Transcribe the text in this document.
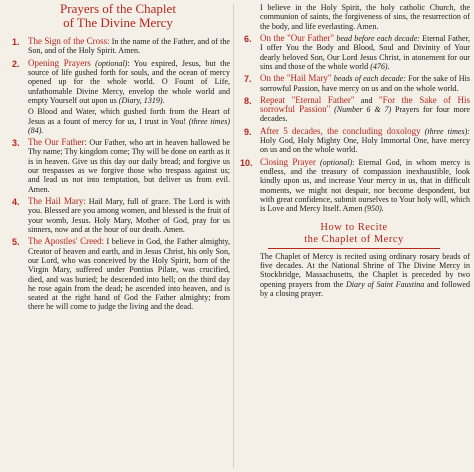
Prayers of the Chaplet
of The Divine Mercy
1. The Sign of the Cross: In the name of the Father, and of the Son, and of the Holy Spirit. Amen.

2. Opening Prayers (optional): You expired, Jesus, but the source of life gushed forth for souls, and the ocean of mercy opened up for the whole world. O Fount of Life, unfathomable Divine Mercy, envelop the whole world and empty Yourself out upon us (Diary, 1319).

O Blood and Water, which gushed forth from the Heart of Jesus as a fount of mercy for us, I trust in You! (three times) (84).

3. The Our Father: Our Father, who art in heaven hallowed be Thy name; Thy kingdom come; Thy will be done on earth as it is in heaven. Give us this day our daily bread; and forgive us our trespasses as we forgive those who trespass against us; and lead us not into temptation, but deliver us from evil. Amen.

4. The Hail Mary: Hail Mary, full of grace. The Lord is with you. Blessed are you among women, and blessed is the fruit of your womb, Jesus. Holy Mary, Mother of God, pray for us sinners, now and at the hour of our death. Amen.

5. The Apostles' Creed: I believe in God, the Father almighty, Creator of heaven and earth, and in Jesus Christ, his only Son, our Lord, who was conceived by the Holy Spirit, born of the Virgin Mary, suffered under Pontius Pilate, was crucified, died, and was buried; he descended into hell; on the third day he rose again from the dead; he ascended into heaven, and is seated at the right hand of God the Father almighty; from there he will come to judge the living and the dead.

I believe in the Holy Spirit, the holy catholic Church, the communion of saints, the forgiveness of sins, the resurrection of the body, and life everlasting. Amen.

6. On the "Our Father" bead before each decade: Eternal Father, I offer You the Body and Blood, Soul and Divinity of Your dearly beloved Son, Our Lord Jesus Christ, in atonement for our sins and those of the whole world (476).

7. On the "Hail Mary" beads of each decade: For the sake of His sorrowful Passion, have mercy on us and on the whole world.

8. Repeat "Eternal Father" and "For the Sake of His sorrowful Passion" (Number 6 & 7) Prayers for four more decades.

9. After 5 decades, the concluding doxology (three times): Holy God, Holy Mighty One, Holy Immortal One, have mercy on us and on the whole world.

10. Closing Prayer (optional): Eternal God, in whom mercy is endless, and the treasury of compassion inexhaustible, look kindly upon us, and increase Your mercy in us, that in difficult moments, we might not despair, nor become despondent, but with great confidence, submit ourselves to Your holy will, which is Love and Mercy Itself. Amen (950).

How to Recite
the Chaplet of Mercy

The Chaplet of Mercy is recited using ordinary rosary beads of five decades. At the National Shrine of The Divine Mercy in Stockbridge, Massachusetts, the Chaplet is preceded by two opening prayers from the Diary of Saint Faustina and followed by a closing prayer.
